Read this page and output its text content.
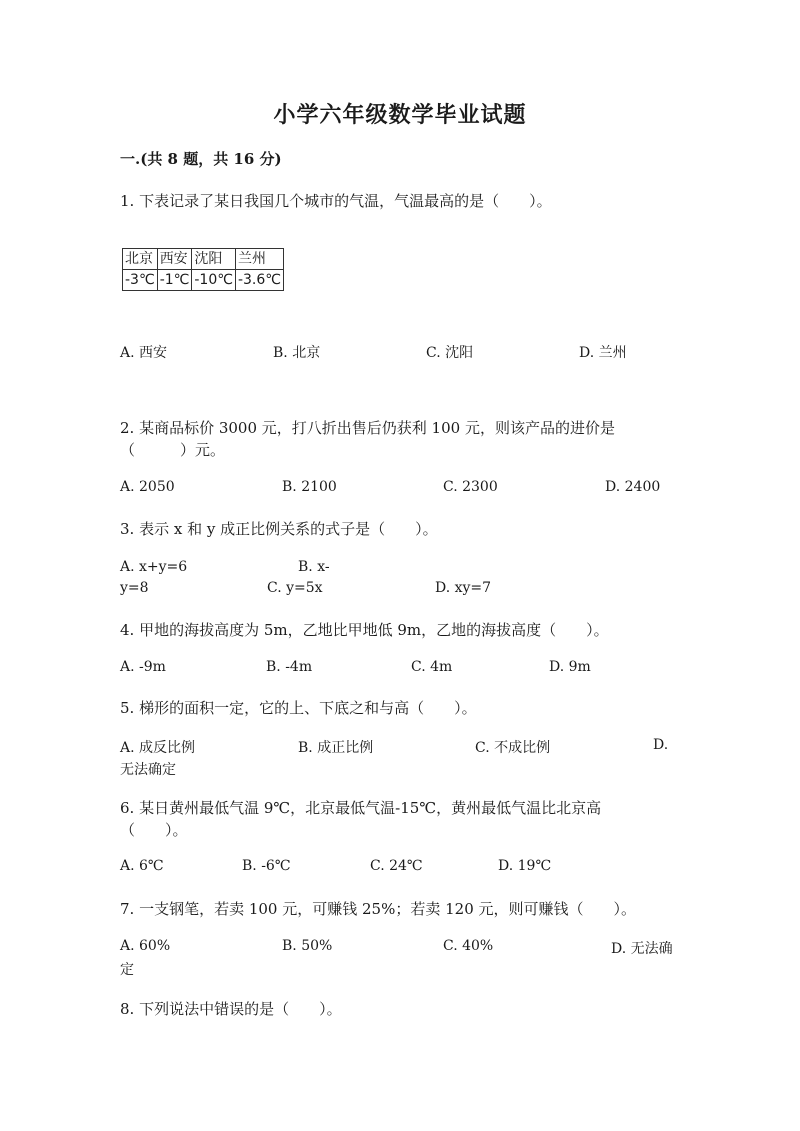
小学六年级数学毕业试题
一.(共 8 题，共 16 分)
1. 下表记录了某日我国几个城市的气温，气温最高的是（　　）。
北京	西安	沈阳	兰州
-3℃	-1℃	-10℃	-3.6℃
A. 西安	B. 北京	C. 沈阳	D. 兰州
2. 某商品标价 3000 元，打八折出售后仍获利 100 元，则该产品的进价是
（　　　）元。
A. 2050	B. 2100	C. 2300	D. 2400
3. 表示 x 和 y 成正比例关系的式子是（　　）。
A. x+y=6	B. x-
y=8	C. y=5x	D. xy=7
4. 甲地的海拔高度为 5m，乙地比甲地低 9m，乙地的海拔高度（　　）。
A. -9m	B. -4m	C. 4m	D. 9m
5. 梯形的面积一定，它的上、下底之和与高（　　）。
A. 成反比例	B. 成正比例	C. 不成比例	D.
无法确定
6. 某日黄州最低气温 9℃，北京最低气温-15℃，黄州最低气温比北京高
（　　）。
A. 6℃	B. -6℃	C. 24℃	D. 19℃
7. 一支钢笔，若卖 100 元，可赚钱 25%；若卖 120 元，则可赚钱（　　）。
A. 60%	B. 50%	C. 40%	D. 无法确
定
8. 下列说法中错误的是（　　）。
